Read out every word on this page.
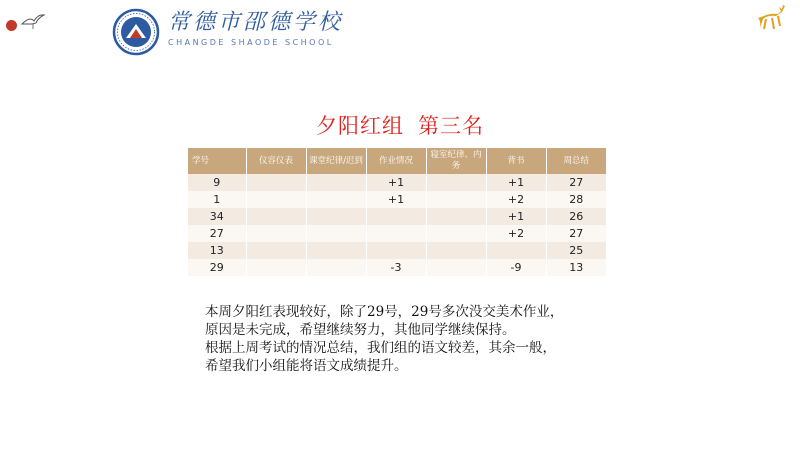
常德市邵德学校
CHANGDE SHAODE SCHOOL
夕阳红组 第三名
学号	仪容仪表	课堂纪律/迟到	作业情况	寝室纪律、内务	背书	周总结
9			+1		+1	27
1			+1		+2	28
34					+1	26
27					+2	27
13						25
29			-3		-9	13
本周夕阳红表现较好，除了29号，29号多次没交美术作业，
原因是未完成，希望继续努力，其他同学继续保持。
根据上周考试的情况总结，我们组的语文较差，其余一般，
希望我们小组能将语文成绩提升。
